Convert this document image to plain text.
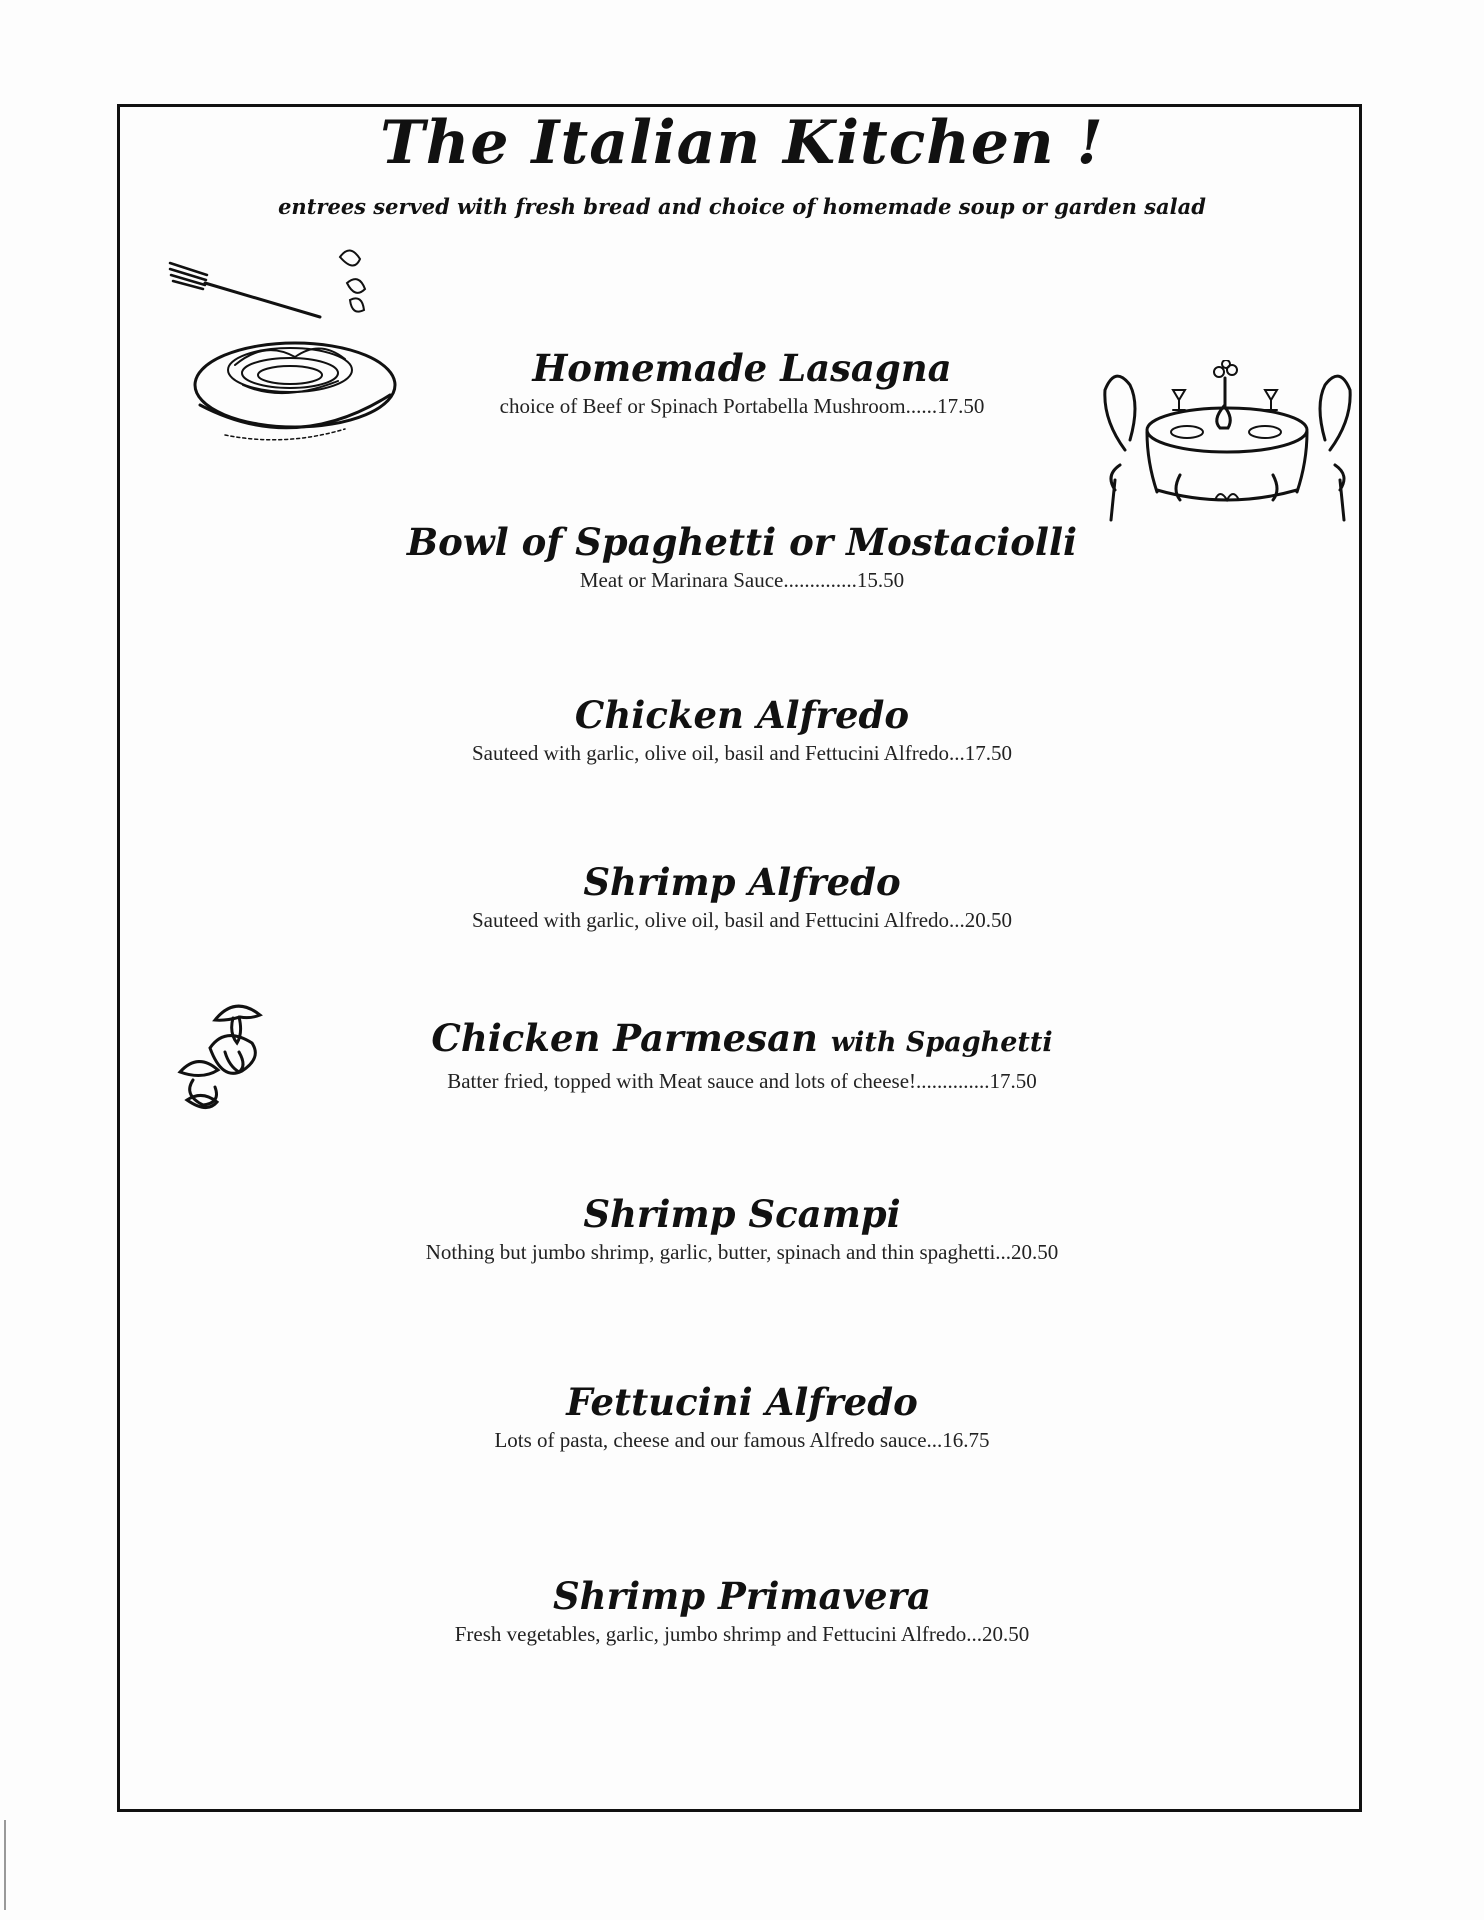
The Italian Kitchen !
entrees served with fresh bread and choice of homemade soup or garden salad
Homemade Lasagna
choice of Beef or Spinach Portabella Mushroom......17.50
Bowl of Spaghetti or Mostaciolli
Meat or Marinara Sauce..............15.50
Chicken Alfredo
Sauteed with garlic, olive oil, basil and Fettucini Alfredo...17.50
Shrimp Alfredo
Sauteed with garlic, olive oil, basil and Fettucini Alfredo...20.50
Chicken Parmesan with Spaghetti
Batter fried, topped with Meat sauce and lots of cheese!..............17.50
Shrimp Scampi
Nothing but jumbo shrimp, garlic, butter, spinach and thin spaghetti...20.50
Fettucini Alfredo
Lots of pasta, cheese and our famous Alfredo sauce...16.75
Shrimp Primavera
Fresh vegetables, garlic, jumbo shrimp and Fettucini Alfredo...20.50
